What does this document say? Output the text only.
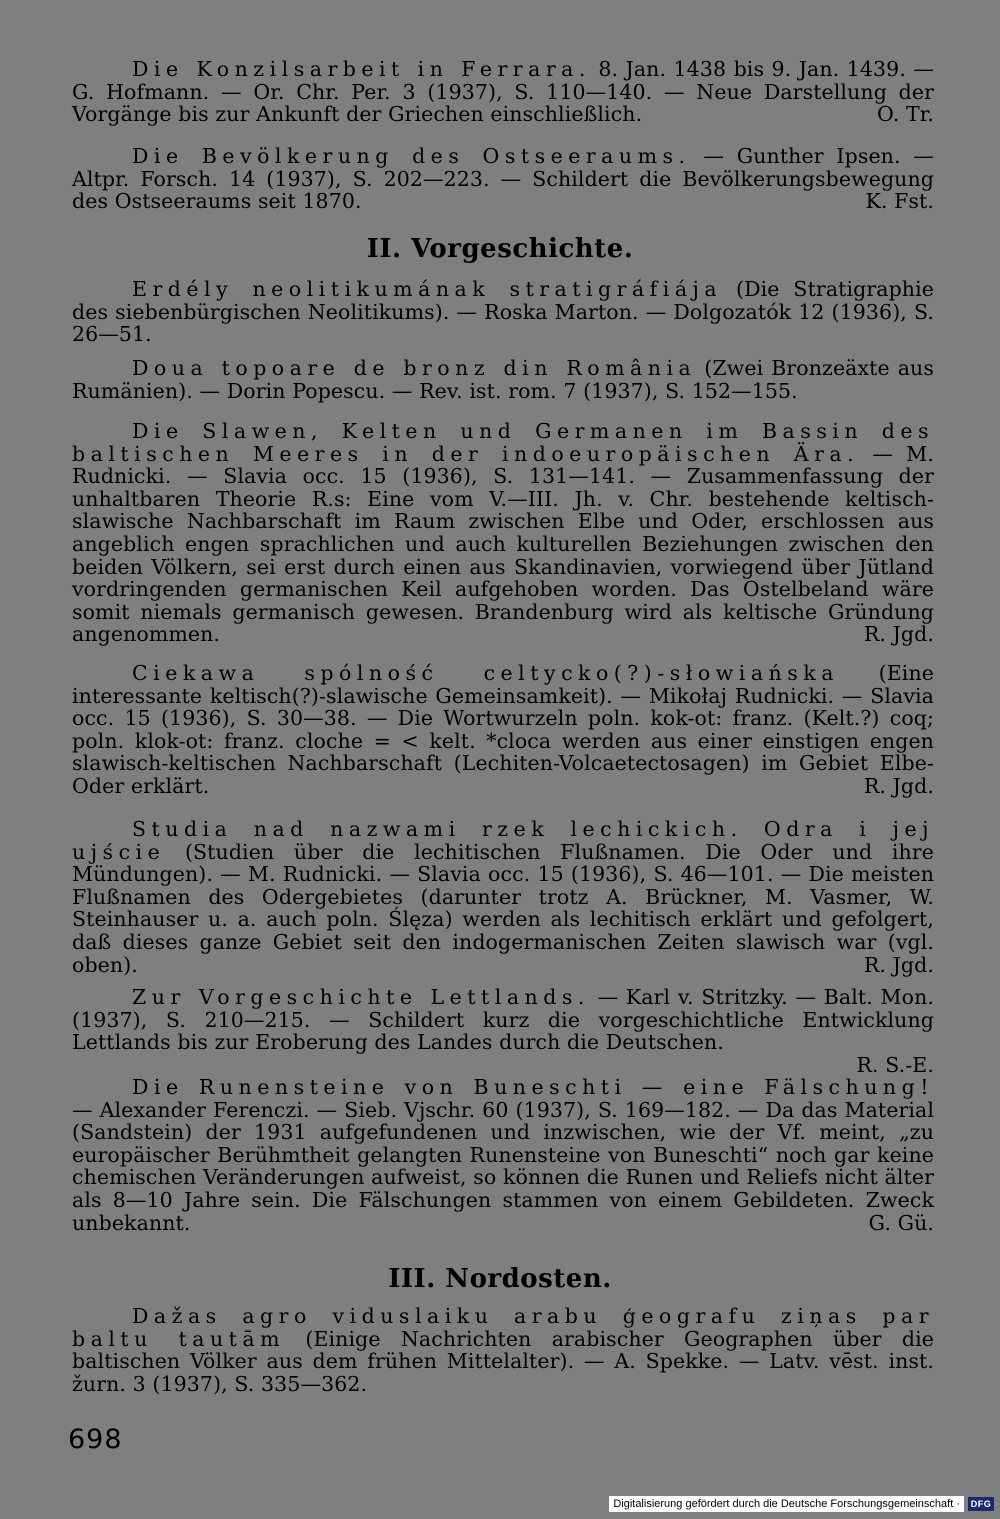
Die Konzilsarbeit in Ferrara. 8. Jan. 1438 bis 9. Jan. 1439. — G. Hofmann. — Or. Chr. Per. 3 (1937), S. 110—140. — Neue Darstellung der Vorgänge bis zur Ankunft der Griechen einschließlich.	O. Tr.
Die Bevölkerung des Ostseeraums. — Gunther Ipsen. — Altpr. Forsch. 14 (1937), S. 202—223. — Schildert die Bevölkerungsbewegung des Ostseeraums seit 1870.	K. Fst.
II. Vorgeschichte.
Erdély neolitikumának stratigráfiája (Die Stratigraphie des siebenbürgischen Neolitikums). — Roska Marton. — Dolgozatók 12 (1936), S. 26—51.
Doua topoare de bronz din România (Zwei Bronzeäxte aus Rumänien). — Dorin Popescu. — Rev. ist. rom. 7 (1937), S. 152—155.
Die Slawen, Kelten und Germanen im Bassin des baltischen Meeres in der indoeuropäischen Ära. — M. Rudnicki. — Slavia occ. 15 (1936), S. 131—141. — Zusammenfassung der unhaltbaren Theorie R.s: Eine vom V.—III. Jh. v. Chr. bestehende keltisch-slawische Nachbarschaft im Raum zwischen Elbe und Oder, erschlossen aus angeblich engen sprachlichen und auch kulturellen Beziehungen zwischen den beiden Völkern, sei erst durch einen aus Skandinavien, vorwiegend über Jütland vordringenden germanischen Keil aufgehoben worden. Das Ostelbeland wäre somit niemals germanisch gewesen. Brandenburg wird als keltische Gründung angenommen.	R. Jgd.
Ciekawa spólność celtycko(?)-słowiańska (Eine interessante keltisch(?)-slawische Gemeinsamkeit). — Mikołaj Rudnicki. — Slavia occ. 15 (1936), S. 30—38. — Die Wortwurzeln poln. kok-ot: franz. (Kelt.?) coq; poln. klok-ot: franz. cloche = < kelt. *cloca werden aus einer einstigen engen slawisch-keltischen Nachbarschaft (Lechiten-Volcaetectosagen) im Gebiet Elbe-Oder erklärt.	R. Jgd.
Studia nad nazwami rzek lechickich. Odra i jej ujście (Studien über die lechitischen Flußnamen. Die Oder und ihre Mündungen). — M. Rudnicki. — Slavia occ. 15 (1936), S. 46—101. — Die meisten Flußnamen des Odergebietes (darunter trotz A. Brückner, M. Vasmer, W. Steinhauser u. a. auch poln. Ślęza) werden als lechitisch erklärt und gefolgert, daß dieses ganze Gebiet seit den indogermanischen Zeiten slawisch war (vgl. oben).	R. Jgd.
Zur Vorgeschichte Lettlands. — Karl v. Stritzky. — Balt. Mon. (1937), S. 210—215. — Schildert kurz die vorgeschichtliche Entwicklung Lettlands bis zur Eroberung des Landes durch die Deutschen.
R. S.-E.
Die Runensteine von Buneschti — eine Fälschung! — Alexander Ferenczi. — Sieb. Vjschr. 60 (1937), S. 169—182. — Da das Material (Sandstein) der 1931 aufgefundenen und inzwischen, wie der Vf. meint, „zu europäischer Berühmtheit gelangten Runensteine von Buneschti“ noch gar keine chemischen Veränderungen aufweist, so können die Runen und Reliefs nicht älter als 8—10 Jahre sein. Die Fälschungen stammen von einem Gebildeten. Zweck unbekannt.	G. Gü.
III. Nordosten.
Dažas agro viduslaiku arabu ģeografu ziņas par baltu tautām (Einige Nachrichten arabischer Geographen über die baltischen Völker aus dem frühen Mittelalter). — A. Spekke. — Latv. vēst. inst. žurn. 3 (1937), S. 335—362.
698
Digitalisierung gefördert durch die Deutsche Forschungsgemeinschaft ·	DFG
